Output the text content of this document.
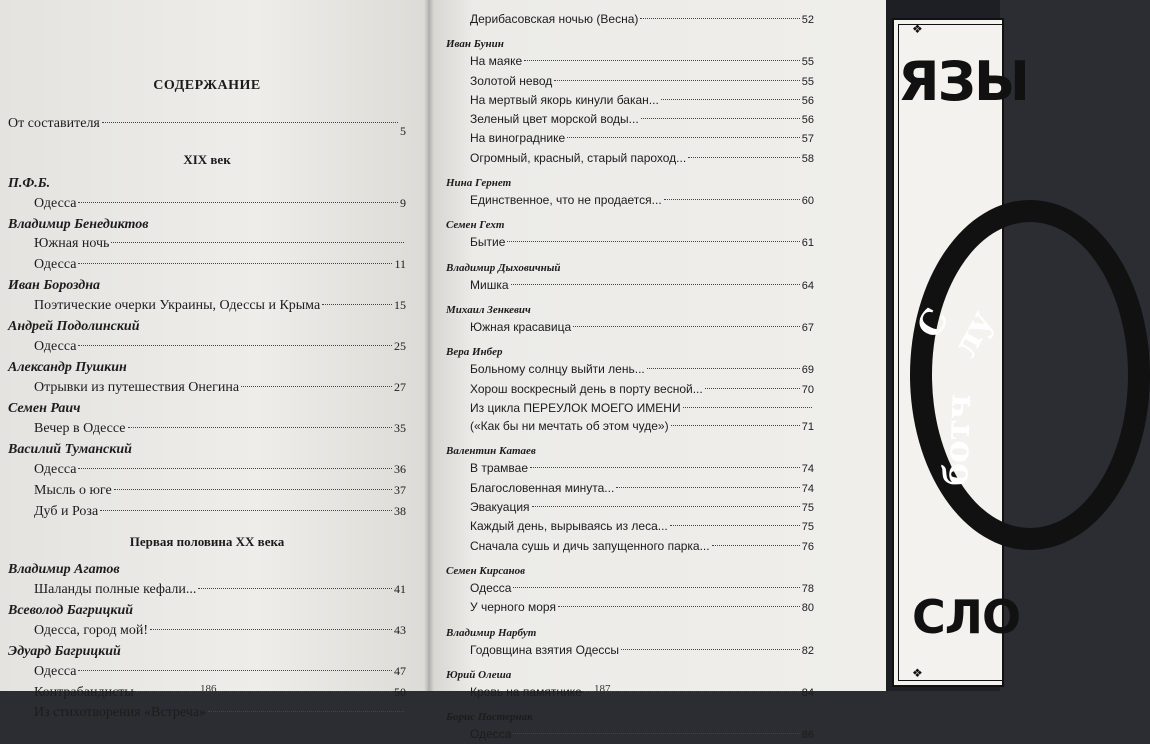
СОДЕРЖАНИЕ
От составителя	5
XIX век
П.Ф.Б.
Одесса	9
Владимир Бенедиктов
Южная ночь
Одесса	11
Иван Бороздна
Поэтические очерки Украины, Одессы и Крыма	15
Андрей Подолинский
Одесса	25
Александр Пушкин
Отрывки из путешествия Онегина	27
Семен Раич
Вечер в Одессе	35
Василий Туманский
Одесса	36
Мысль о юге	37
Дуб и Роза	38
Первая половина XX века
Владимир Агатов
Шаланды полные кефали...	41
Всеволод Багрицкий
Одесса, город мой!	43
Эдуард Багрицкий
Одесса	47
Контрабандисты	50
Из стихотворения «Встреча»
186
Дерибасовская ночью (Весна)	52
Иван Бунин
На маяке	55
Золотой невод	55
На мертвый якорь кинули бакан...	56
Зеленый цвет морской воды...	56
На винограднике	57
Огромный, красный, старый пароход...	58
Нина Гернет
Единственное, что не продается...	60
Семен Гехт
Бытие	61
Владимир Дыховичный
Мишка	64
Михаил Зенкевич
Южная красавица	67
Вера Инбер
Больному солнцу выйти лень...	69
Хорош воскресный день в порту весной...	70
Из цикла ПЕРЕУЛОК МОЕГО ИМЕНИ
(«Как бы ни мечтать об этом чуде»)	71
Валентин Катаев
В трамвае	74
Благословенная минута...	74
Эвакуация	75
Каждый день, вырываясь из леса...	75
Сначала сушь и дичь запущенного парка...	76
Семен Кирсанов
Одесса	78
У черного моря	80
Владимир Нарбут
Годовщина взятия Одессы	82
Юрий Олеша
Кровь на памятнике	84
Борис Пастернак
Одесса	86
187
❖
ЯЗЫ
С лу
ботч
СЛО
❖
